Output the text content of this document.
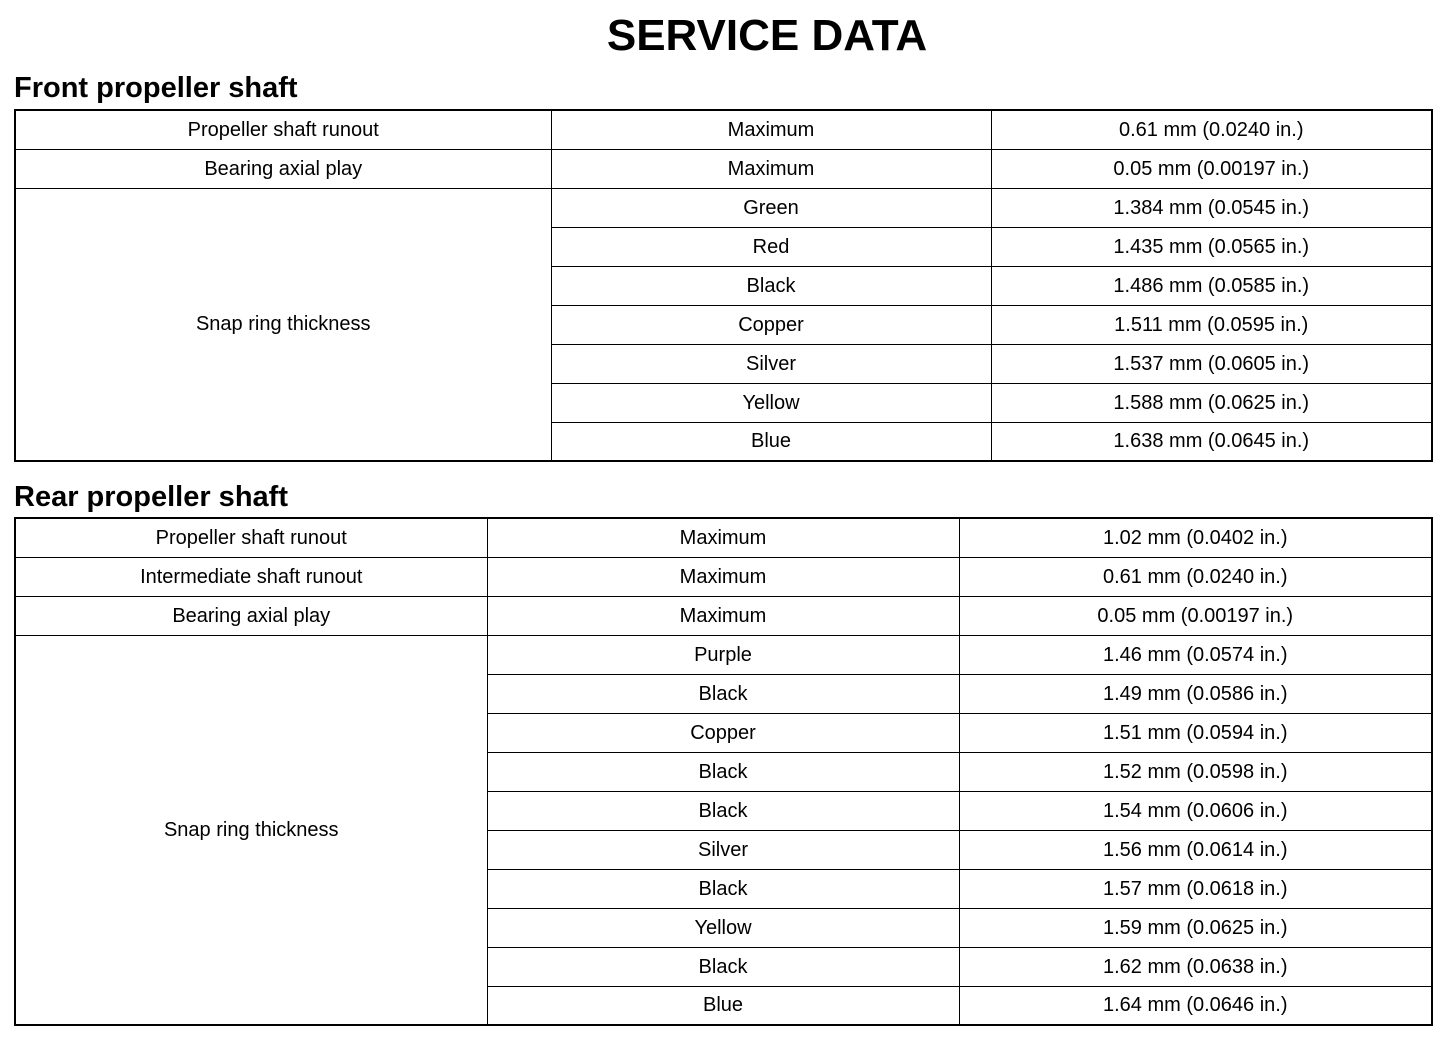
SERVICE DATA
Front propeller shaft
Propeller shaft runout	Maximum	0.61 mm (0.0240 in.)
Bearing axial play	Maximum	0.05 mm (0.00197 in.)
Snap ring thickness	Green	1.384 mm (0.0545 in.)
	Red	1.435 mm (0.0565 in.)
	Black	1.486 mm (0.0585 in.)
	Copper	1.511 mm (0.0595 in.)
	Silver	1.537 mm (0.0605 in.)
	Yellow	1.588 mm (0.0625 in.)
	Blue	1.638 mm (0.0645 in.)
Rear propeller shaft
Propeller shaft runout	Maximum	1.02 mm (0.0402 in.)
Intermediate shaft runout	Maximum	0.61 mm (0.0240 in.)
Bearing axial play	Maximum	0.05 mm (0.00197 in.)
Snap ring thickness	Purple	1.46 mm (0.0574 in.)
	Black	1.49 mm (0.0586 in.)
	Copper	1.51 mm (0.0594 in.)
	Black	1.52 mm (0.0598 in.)
	Black	1.54 mm (0.0606 in.)
	Silver	1.56 mm (0.0614 in.)
	Black	1.57 mm (0.0618 in.)
	Yellow	1.59 mm (0.0625 in.)
	Black	1.62 mm (0.0638 in.)
	Blue	1.64 mm (0.0646 in.)
